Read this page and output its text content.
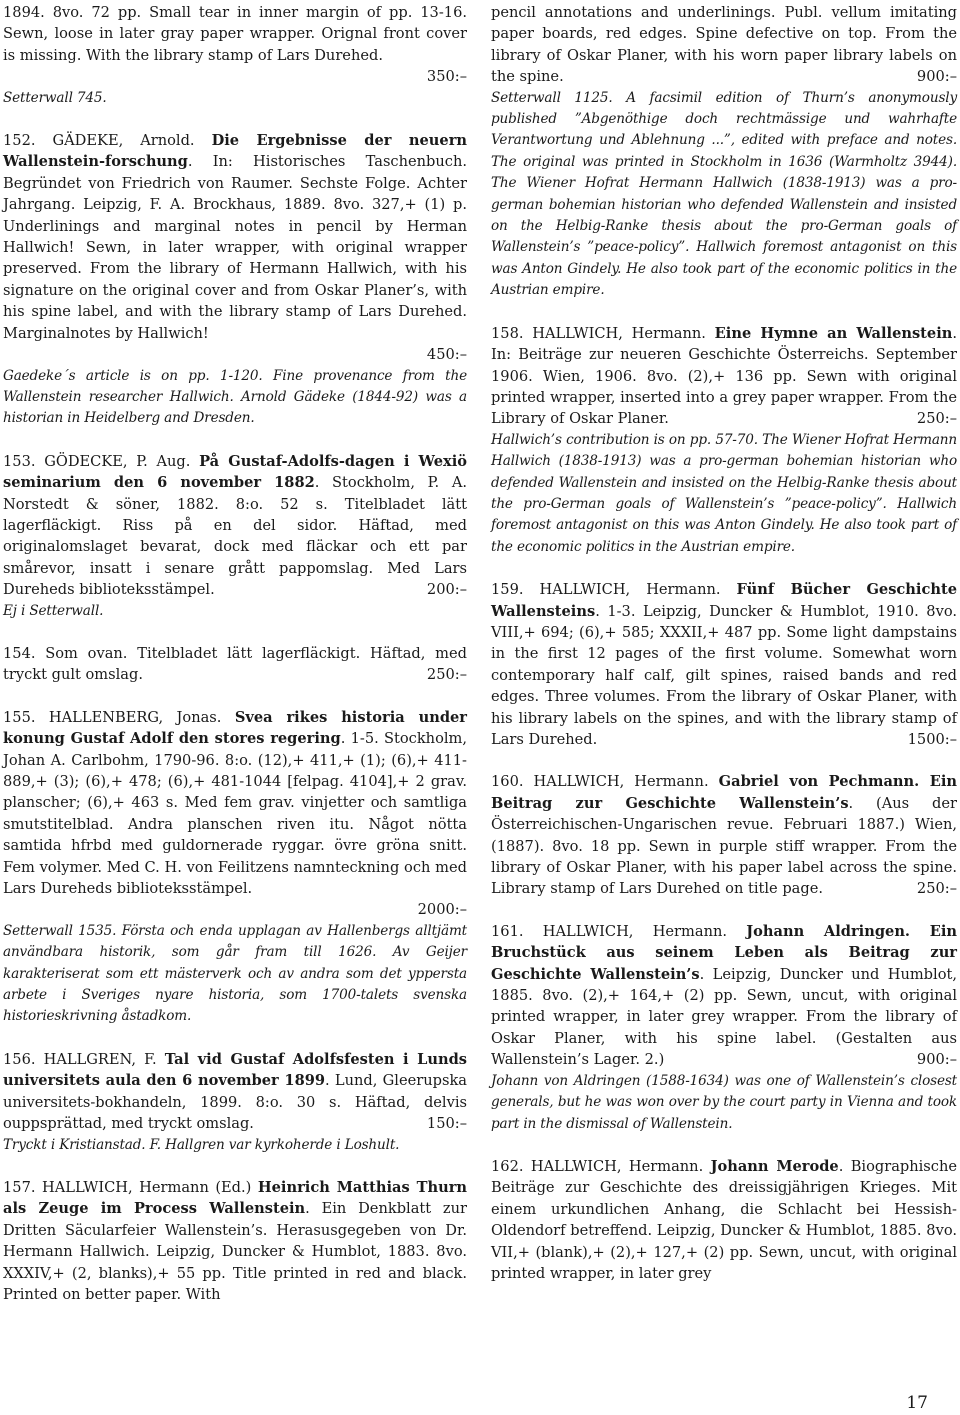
1894. 8vo. 72 pp. Small tear in inner margin of pp. 13-16. Sewn, loose in later gray paper wrapper. Orignal front cover is missing. With the library stamp of Lars Durehed.

350:–

Setterwall 745.

152. GÄDEKE, Arnold. Die Ergebnisse der neuern Wallenstein-forschung. In: Historisches Taschenbuch. Begründet von Friedrich von Raumer. Sechste Folge. Achter Jahrgang. Leipzig, F. A. Brockhaus, 1889. 8vo. 327,+ (1) p. Underlinings and marginal notes in pencil by Herman Hallwich! Sewn, in later wrapper, with original wrapper preserved. From the library of Hermann Hallwich, with his signature on the original cover and from Oskar Planer’s, with his spine label, and with the library stamp of Lars Durehed. Marginalnotes by Hallwich!

450:–

Gaedeke´s article is on pp. 1-120. Fine provenance from the Wallenstein researcher Hallwich. Arnold Gädeke (1844-92) was a historian in Heidelberg and Dresden.

153. GÖDECKE, P. Aug. På Gustaf-Adolfs-dagen i Wexiö seminarium den 6 november 1882. Stockholm, P. A. Norstedt & söner, 1882. 8:o. 52 s. Titelbladet lätt lagerfläckigt. Riss på en del sidor. Häftad, med originalomslaget bevarat, dock med fläckar och ett par smårevor, insatt i senare grått pappomslag. Med Lars Dureheds biblioteksstämpel.	200:–

Ej i Setterwall.

154. Som ovan. Titelbladet lätt lagerfläckigt. Häftad, med tryckt gult omslag.	250:–

155. HALLENBERG, Jonas. Svea rikes historia under konung Gustaf Adolf den stores regering. 1-5. Stockholm, Johan A. Carlbohm, 1790-96. 8:o. (12),+ 411,+ (1); (6),+ 411-889,+ (3); (6),+ 478; (6),+ 481-1044 [felpag. 4104],+ 2 grav. planscher; (6),+ 463 s. Med fem grav. vinjetter och samtliga smutstitelblad. Andra planschen riven itu. Något nötta samtida hfrbd med guldornerade ryggar. övre gröna snitt. Fem volymer. Med C. H. von Feilitzens namnteckning och med Lars Dureheds biblioteksstämpel.

2000:–

Setterwall 1535. Första och enda upplagan av Hallenbergs alltjämt användbara historik, som går fram till 1626. Av Geijer karakteriserat som ett mästerverk och av andra som det yppersta arbete i Sveriges nyare historia, som 1700-talets svenska historieskrivning åstadkom.

156. HALLGREN, F. Tal vid Gustaf Adolfsfesten i Lunds universitets aula den 6 november 1899. Lund, Gleerupska universitets-bokhandeln, 1899. 8:o. 30 s. Häftad, delvis ouppsprättad, med tryckt omslag.	150:–

Tryckt i Kristianstad. F. Hallgren var kyrkoherde i Loshult.

157. HALLWICH, Hermann (Ed.) Heinrich Matthias Thurn als Zeuge im Process Wallenstein. Ein Denkblatt zur Dritten Säcularfeier Wallenstein’s. Herasusgegeben von Dr. Hermann Hallwich. Leipzig, Duncker & Humblot, 1883. 8vo. XXXIV,+ (2, blanks),+ 55 pp. Title printed in red and black. Printed on better paper. With

pencil annotations and underlinings. Publ. vellum imitating paper boards, red edges. Spine defective on top. From the library of Oskar Planer, with his worn paper library labels on the spine.	900:–

Setterwall 1125. A facsimil edition of Thurn’s anonymously published ”Abgenöthige doch rechtmässige und wahrhafte Verantwortung und Ablehnung ...”, edited with preface and notes. The original was printed in Stockholm in 1636 (Warmholtz 3944). The Wiener Hofrat Hermann Hallwich (1838-1913) was a pro-german bohemian historian who defended Wallenstein and insisted on the Helbig-Ranke thesis about the pro-German goals of Wallenstein’s ”peace-policy”. Hallwich foremost antagonist on this was Anton Gindely. He also took part of the economic politics in the Austrian empire.

158. HALLWICH, Hermann. Eine Hymne an Wallenstein. In: Beiträge zur neueren Geschichte Österreichs. September 1906. Wien, 1906. 8vo. (2),+ 136 pp. Sewn with original printed wrapper, inserted into a grey paper wrapper. From the Library of Oskar Planer.	250:–

Hallwich’s contribution is on pp. 57-70. The Wiener Hofrat Hermann Hallwich (1838-1913) was a pro-german bohemian historian who defended Wallenstein and insisted on the Helbig-Ranke thesis about the pro-German goals of Wallenstein’s ”peace-policy”. Hallwich foremost antagonist on this was Anton Gindely. He also took part of the economic politics in the Austrian empire.

159. HALLWICH, Hermann. Fünf Bücher Geschichte Wallensteins. 1-3. Leipzig, Duncker & Humblot, 1910. 8vo. VIII,+ 694; (6),+ 585; XXXII,+ 487 pp. Some light dampstains in the first 12 pages of the first volume. Somewhat worn contemporary half calf, gilt spines, raised bands and red edges. Three volumes. From the library of Oskar Planer, with his library labels on the spines, and with the library stamp of Lars Durehed.	1500:–

160. HALLWICH, Hermann. Gabriel von Pechmann. Ein Beitrag zur Geschichte Wallenstein’s. (Aus der Österreichischen-Ungarischen revue. Februari 1887.) Wien, (1887). 8vo. 18 pp. Sewn in purple stiff wrapper. From the library of Oskar Planer, with his paper label across the spine. Library stamp of Lars Durehed on title page.	250:–

161. HALLWICH, Hermann. Johann Aldringen. Ein Bruchstück aus seinem Leben als Beitrag zur Geschichte Wallenstein’s. Leipzig, Duncker und Humblot, 1885. 8vo. (2),+ 164,+ (2) pp. Sewn, uncut, with original printed wrapper, in later grey wrapper. From the library of Oskar Planer, with his spine label. (Gestalten aus Wallenstein’s Lager. 2.)	900:–

Johann von Aldringen (1588-1634) was one of Wallenstein’s closest generals, but he was won over by the court party in Vienna and took part in the dismissal of Wallenstein.

162. HALLWICH, Hermann. Johann Merode. Biographische Beiträge zur Geschichte des dreissigjährigen Krieges. Mit einem urkundlichen Anhang, die Schlacht bei Hessish-Oldendorf betreffend. Leipzig, Duncker & Humblot, 1885. 8vo. VII,+ (blank),+ (2),+ 127,+ (2) pp. Sewn, uncut, with original printed wrapper, in later grey

17
